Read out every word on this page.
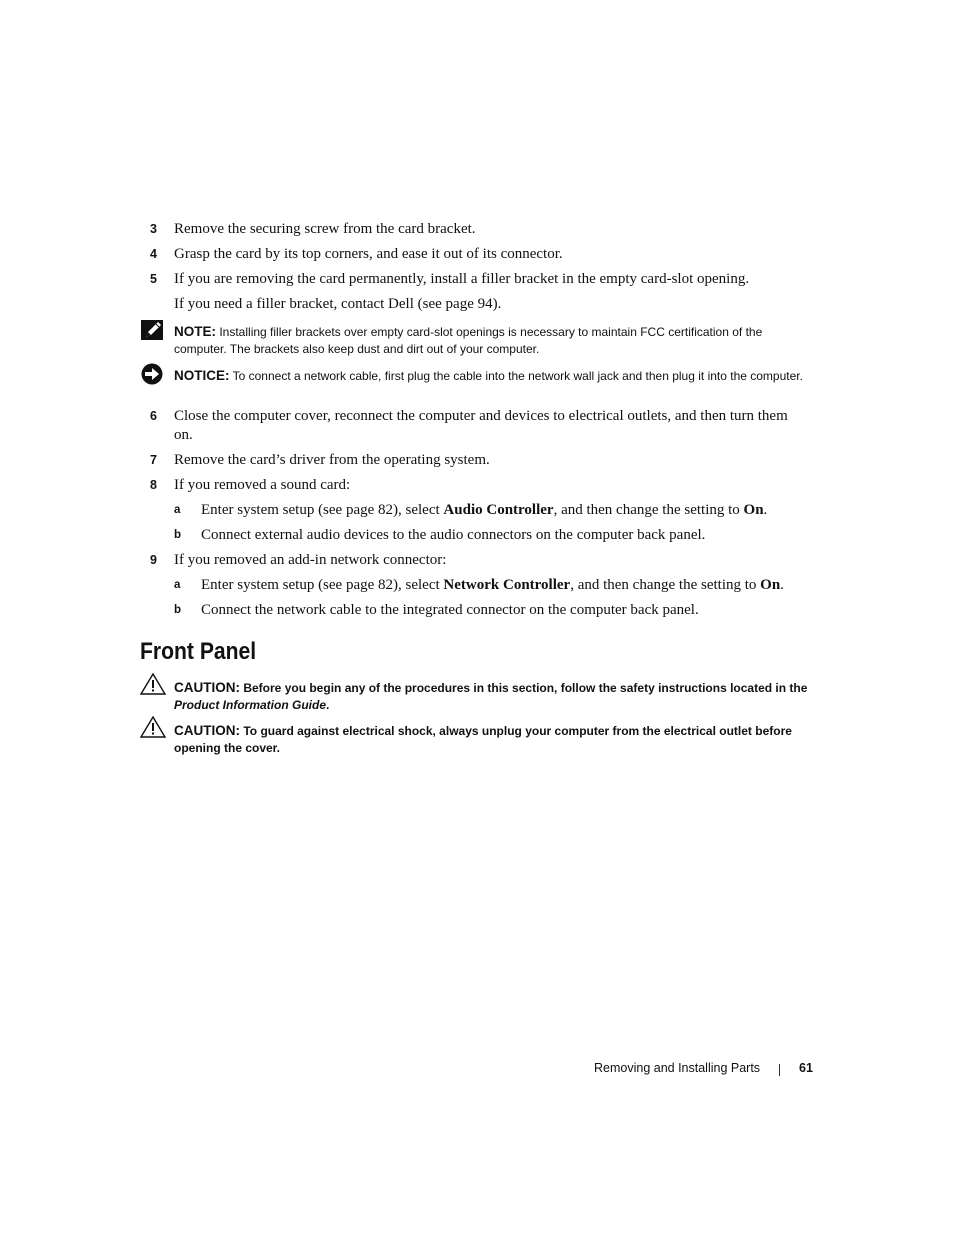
3 Remove the securing screw from the card bracket.
4 Grasp the card by its top corners, and ease it out of its connector.
5 If you are removing the card permanently, install a filler bracket in the empty card-slot opening.
If you need a filler bracket, contact Dell (see page 94).
NOTE: Installing filler brackets over empty card-slot openings is necessary to maintain FCC certification of the computer. The brackets also keep dust and dirt out of your computer.
NOTICE: To connect a network cable, first plug the cable into the network wall jack and then plug it into the computer.
6 Close the computer cover, reconnect the computer and devices to electrical outlets, and then turn them on.
7 Remove the card’s driver from the operating system.
8 If you removed a sound card:
a Enter system setup (see page 82), select Audio Controller, and then change the setting to On.
b Connect external audio devices to the audio connectors on the computer back panel.
9 If you removed an add-in network connector:
a Enter system setup (see page 82), select Network Controller, and then change the setting to On.
b Connect the network cable to the integrated connector on the computer back panel.
Front Panel
CAUTION: Before you begin any of the procedures in this section, follow the safety instructions located in the
Product Information Guide.
CAUTION: To guard against electrical shock, always unplug your computer from the electrical outlet before opening the cover.
Removing and Installing Parts	61
